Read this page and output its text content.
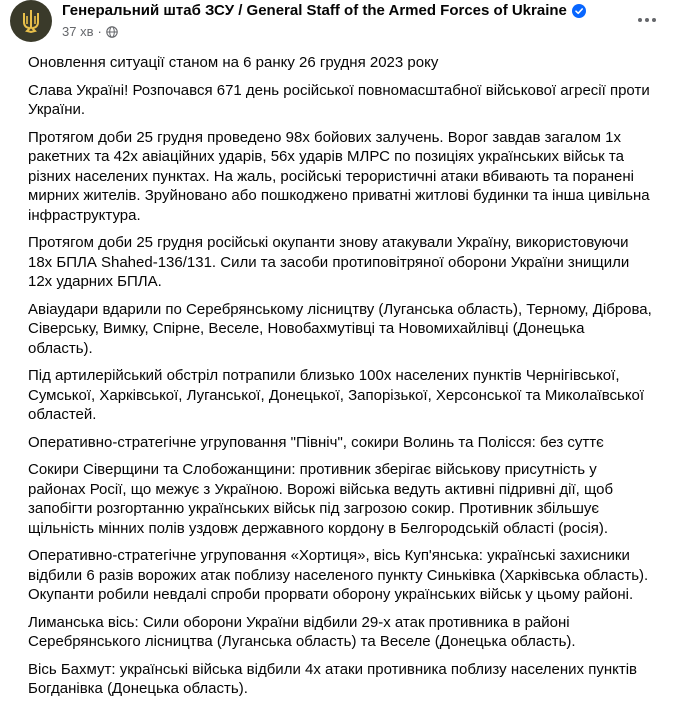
Генеральний штаб ЗСУ / General Staff of the Armed Forces of Ukraine
37 хв ·

Оновлення ситуації станом на 6 ранку 26 грудня 2023 року

Слава Україні! Розпочався 671 день російської повномасштабної військової агресії проти України.

Протягом доби 25 грудня проведено 98х бойових залучень. Ворог завдав загалом 1х ракетних та 42х авіаційних ударів, 56х ударів МЛРС по позиціях українських військ та різних населених пунктах. На жаль, російські терористичні атаки вбивають та поранені мирних жителів. Зруйновано або пошкоджено приватні житлові будинки та інша цивільна інфраструктура.

Протягом доби 25 грудня російські окупанти знову атакували Україну, використовуючи 18х БПЛА Shahed-136/131. Сили та засоби протиповітряної оборони України знищили 12х ударних БПЛА.

Авіаудари вдарили по Серебрянському лісництву (Луганська область), Терному, Діброва, Сіверську, Вимку, Спірне, Веселе, Новобахмутівці та Новомихайлівці (Донецька область).

Під артилерійський обстріл потрапили близько 100х населених пунктів Чернігівської, Сумської, Харківської, Луганської, Донецької, Запорізької, Херсонської та Миколаївської областей.

Оперативно-стратегічне угруповання "Північ", сокири Волинь та Полісся: без суттє

Сокири Сіверщини та Слобожанщини: противник зберігає військову присутність у районах Росії, що межує з Україною. Ворожі війська ведуть активні підривні дії, щоб запобігти розгортанню українських військ під загрозою сокир. Противник збільшує щільність мінних полів уздовж державного кордону в Белгородській області (росія).

Оперативно-стратегічне угруповання «Хортиця», вісь Куп'янська: українські захисники відбили 6 разів ворожих атак поблизу населеного пункту Синьківка (Харківська область). Окупанти робили невдалі спроби прорвати оборону українських військ у цьому районі.

Лиманська вісь: Сили оборони України відбили 29-х атак противника в районі Серебрянського лісництва (Луганська область) та Веселе (Донецька область).

Вісь Бахмут: українські війська відбили 4х атаки противника поблизу населених пунктів Богданівка (Донецька область).
